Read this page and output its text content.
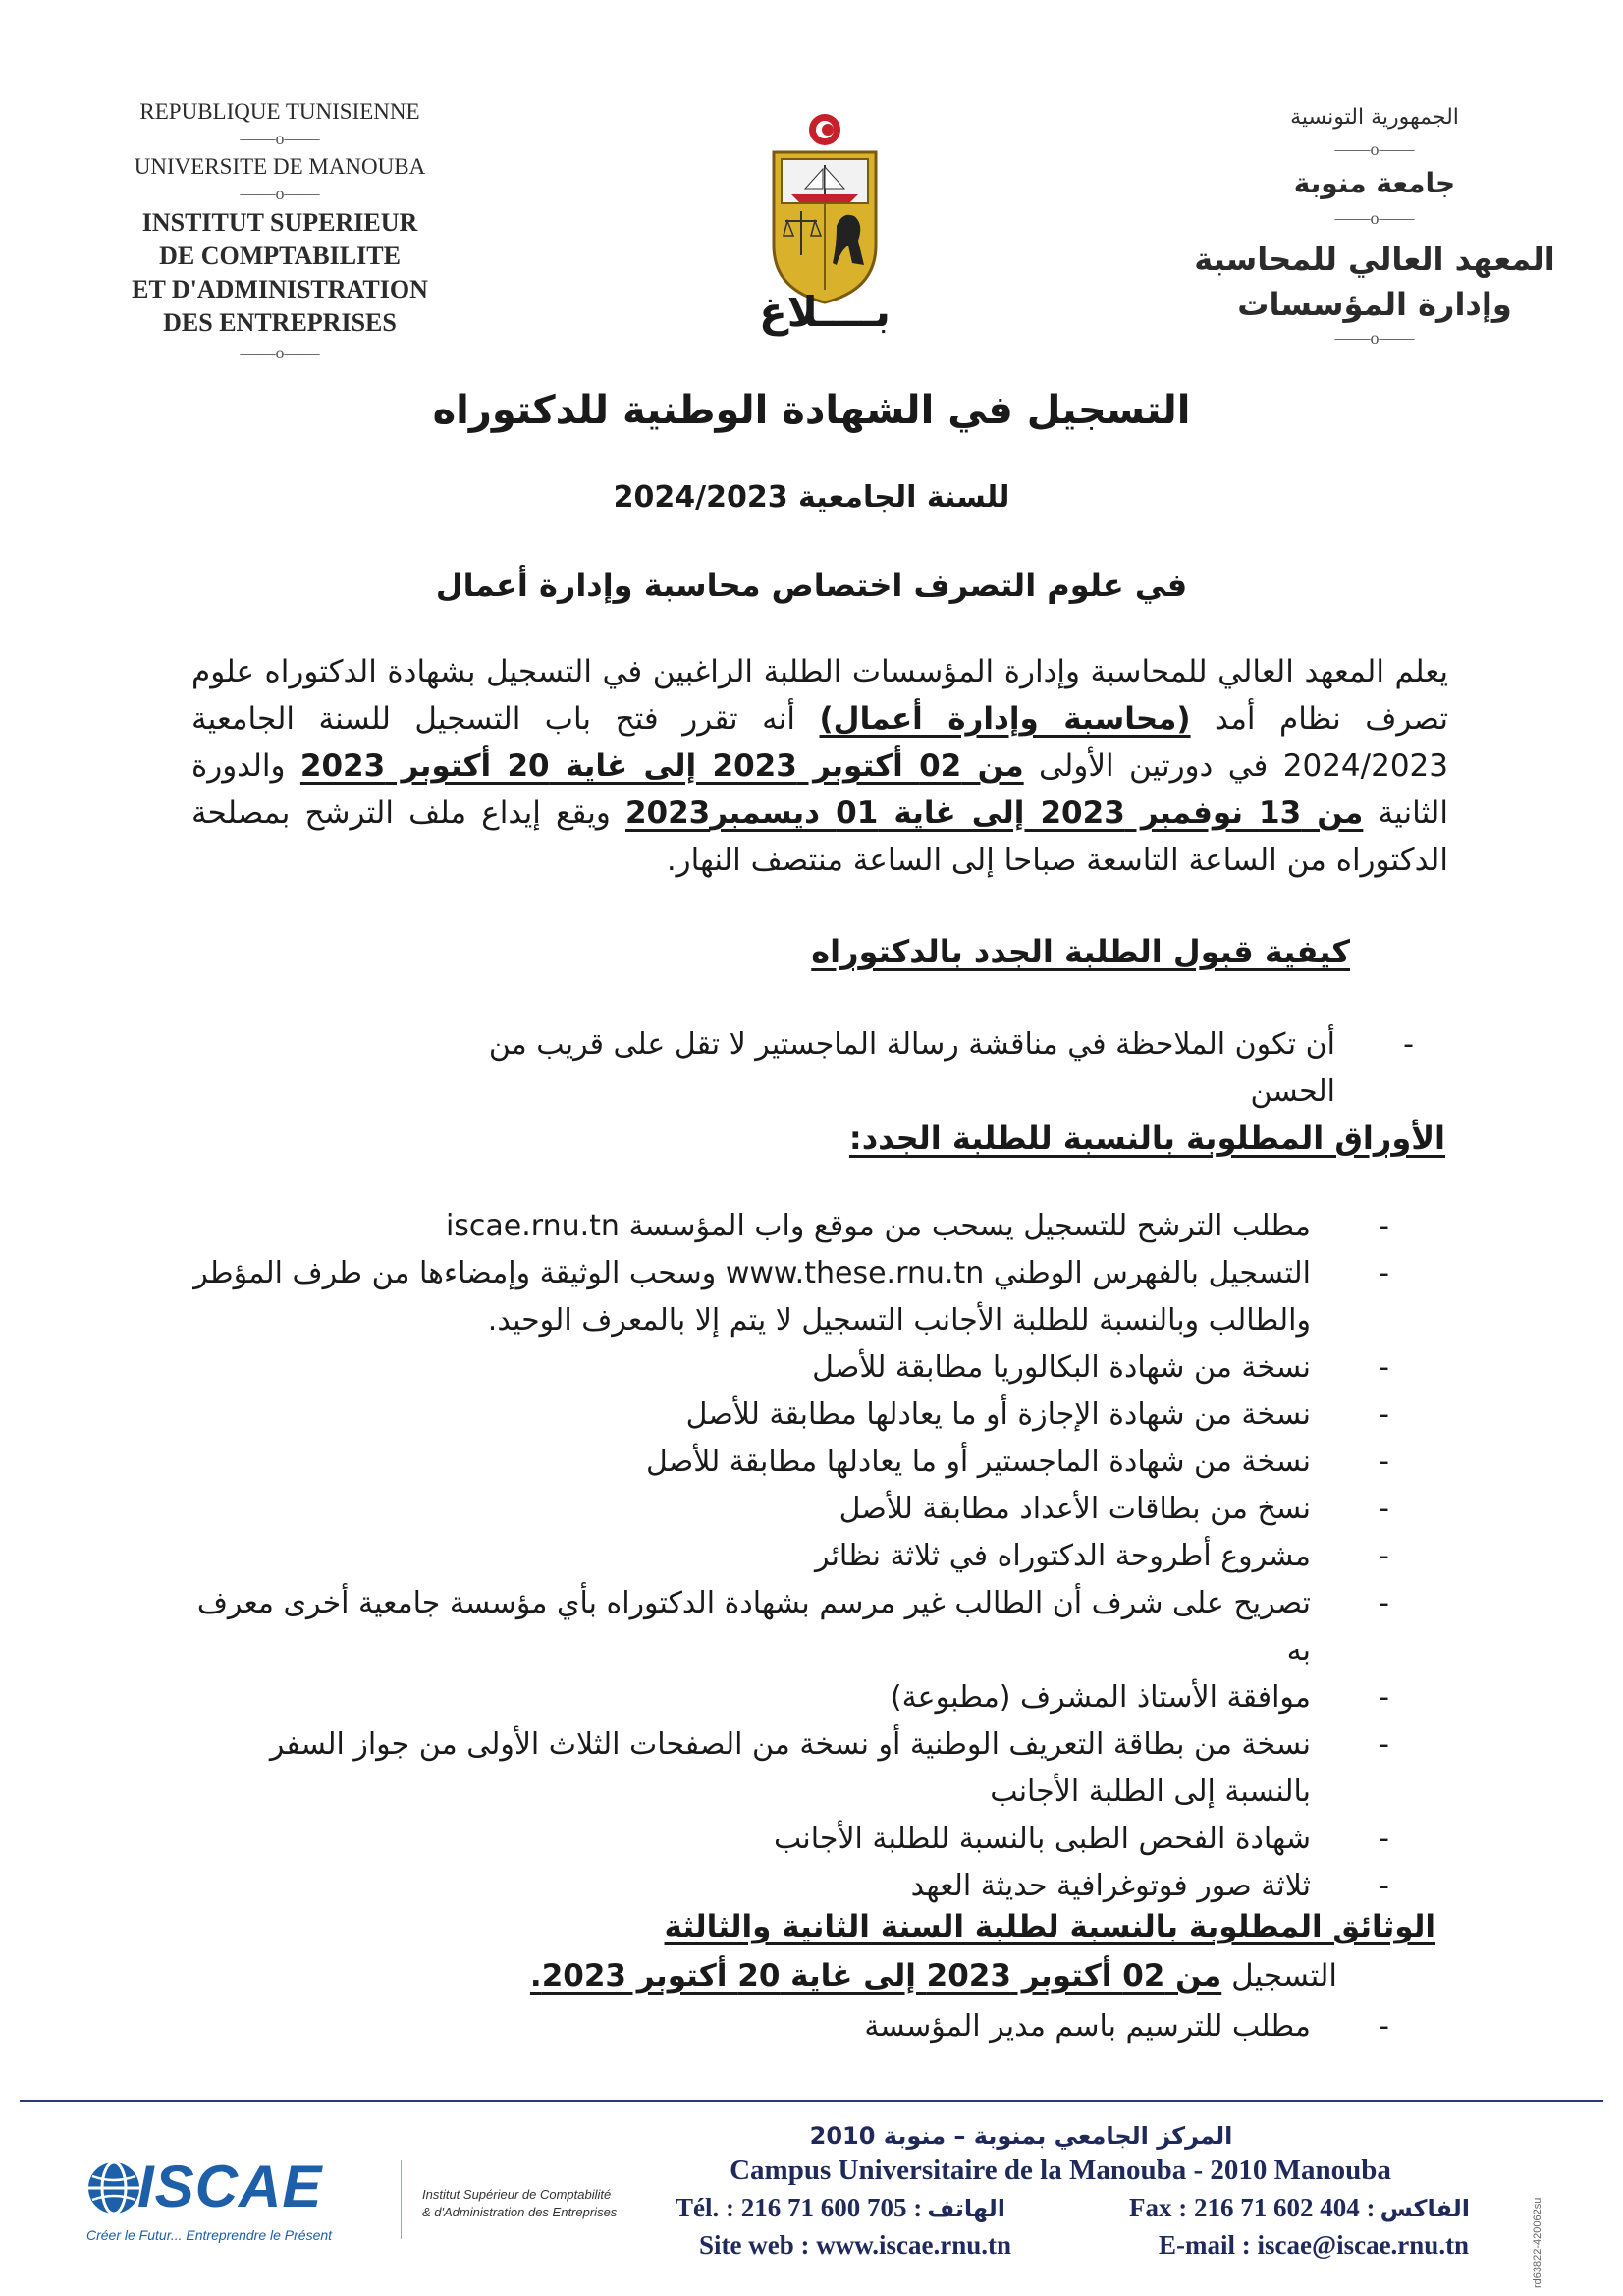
REPUBLIQUE TUNISIENNE
——o——
UNIVERSITE DE MANOUBA
——o——
INSTITUT SUPERIEUR
DE COMPTABILITE
ET D'ADMINISTRATION
DES ENTREPRISES
——o——
بــــلاغ
الجمهورية التونسية
——o——
جامعة منوبة
——o——
المعهد العالي للمحاسبة
وإدارة المؤسسات
——o——
التسجيل في الشهادة الوطنية للدكتوراه
للسنة الجامعية 2024/2023
في علوم التصرف اختصاص محاسبة وإدارة أعمال
يعلم المعهد العالي للمحاسبة وإدارة المؤسسات الطلبة الراغبين في التسجيل بشهادة الدكتوراه علوم تصرف نظام أمد (محاسبة وإدارة أعمال) أنه تقرر فتح باب التسجيل للسنة الجامعية 2024/2023 في دورتين الأولى من 02 أكتوبر 2023 إلى غاية 20 أكتوبر 2023 والدورة الثانية من 13 نوفمبر 2023 إلى غاية 01 ديسمبر2023 ويقع إيداع ملف الترشح بمصلحة الدكتوراه من الساعة التاسعة صباحا إلى الساعة منتصف النهار.
كيفية قبول الطلبة الجدد بالدكتوراه
- أن تكون الملاحظة في مناقشة رسالة الماجستير لا تقل على قريب من الحسن
الأوراق المطلوبة بالنسبة للطلبة الجدد:
- مطلب الترشح للتسجيل يسحب من موقع واب المؤسسة iscae.rnu.tn
- التسجيل بالفهرس الوطني www.these.rnu.tn وسحب الوثيقة وإمضاءها من طرف المؤطر والطالب وبالنسبة للطلبة الأجانب التسجيل لا يتم إلا بالمعرف الوحيد.
- نسخة من شهادة البكالوريا مطابقة للأصل
- نسخة من شهادة الإجازة أو ما يعادلها مطابقة للأصل
- نسخة من شهادة الماجستير أو ما يعادلها مطابقة للأصل
- نسخ من بطاقات الأعداد مطابقة للأصل
- مشروع أطروحة الدكتوراه في ثلاثة نظائر
- تصريح على شرف أن الطالب غير مرسم بشهادة الدكتوراه بأي مؤسسة جامعية أخرى معرف به
- موافقة الأستاذ المشرف (مطبوعة)
- نسخة من بطاقة التعريف الوطنية أو نسخة من الصفحات الثلاث الأولى من جواز السفر بالنسبة إلى الطلبة الأجانب
- شهادة الفحص الطبى بالنسبة للطلبة الأجانب
- ثلاثة صور فوتوغرافية حديثة العهد
الوثائق المطلوبة بالنسبة لطلبة السنة الثانية والثالثة
التسجيل من 02 أكتوبر 2023 إلى غاية 20 أكتوبر 2023.
- مطلب للترسيم باسم مدير المؤسسة
ISCAE
Créer le Futur... Entreprendre le Présent
Institut Supérieur de Comptabilité
& d'Administration des Entreprises
المركز الجامعي بمنوبة – منوبة 2010
Campus Universitaire de la Manouba - 2010 Manouba
Tél. : 216 71 600 705 : الهاتف	Fax : 216 71 602 404 : الفاكس
Site web : www.iscae.rnu.tn	E-mail : iscae@iscae.rnu.tn	rd63822-420062su
